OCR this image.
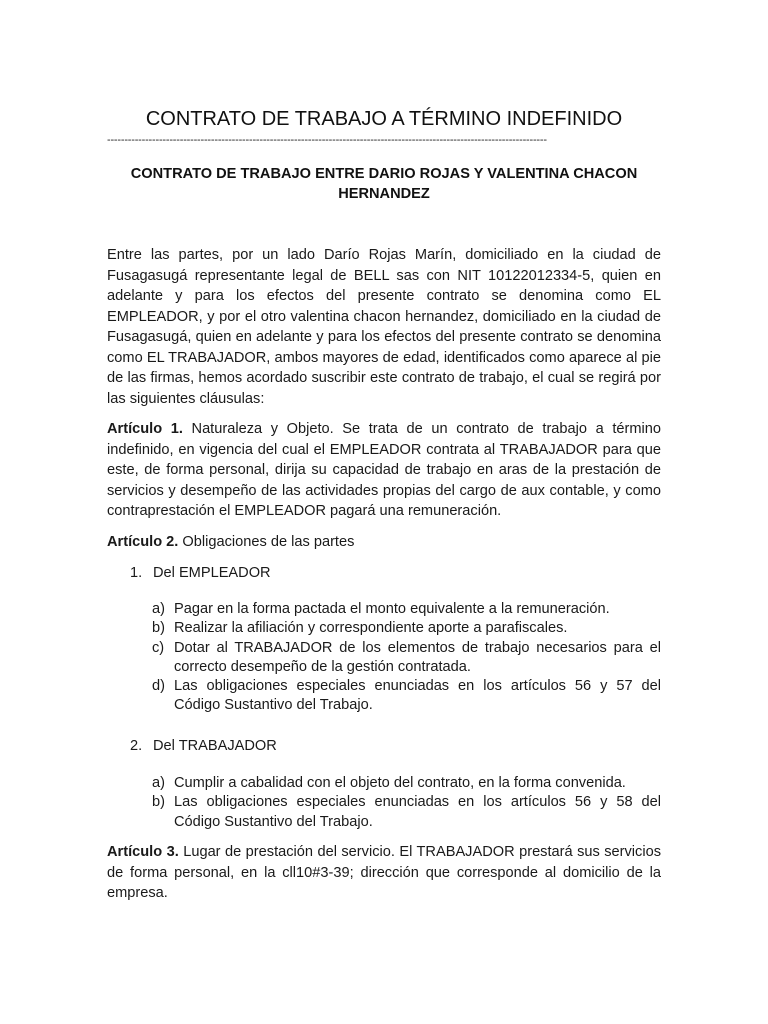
CONTRATO DE TRABAJO A TÉRMINO INDEFINIDO
-------------------------------------------------------------------------------------------------------------------------------
CONTRATO DE TRABAJO ENTRE DARIO ROJAS Y VALENTINA CHACON HERNANDEZ

Entre las partes, por un lado Darío Rojas Marín, domiciliado en la ciudad de Fusagasugá representante legal de BELL sas con NIT 10122012334-5, quien en adelante y para los efectos del presente contrato se denomina como EL EMPLEADOR, y por el otro valentina chacon hernandez, domiciliado en la ciudad de Fusagasugá, quien en adelante y para los efectos del presente contrato se denomina como EL TRABAJADOR, ambos mayores de edad, identificados como aparece al pie de las firmas, hemos acordado suscribir este contrato de trabajo, el cual se regirá por las siguientes cláusulas:

Artículo 1. Naturaleza y Objeto. Se trata de un contrato de trabajo a término indefinido, en vigencia del cual el EMPLEADOR contrata al TRABAJADOR para que este, de forma personal, dirija su capacidad de trabajo en aras de la prestación de servicios y desempeño de las actividades propias del cargo de aux contable, y como contraprestación el EMPLEADOR pagará una remuneración.

Artículo 2. Obligaciones de las partes

1. Del EMPLEADOR
a) Pagar en la forma pactada el monto equivalente a la remuneración.
b) Realizar la afiliación y correspondiente aporte a parafiscales.
c) Dotar al TRABAJADOR de los elementos de trabajo necesarios para el correcto desempeño de la gestión contratada.
d) Las obligaciones especiales enunciadas en los artículos 56 y 57 del Código Sustantivo del Trabajo.
2. Del TRABAJADOR
a) Cumplir a cabalidad con el objeto del contrato, en la forma convenida.
b) Las obligaciones especiales enunciadas en los artículos 56 y 58 del Código Sustantivo del Trabajo.

Artículo 3. Lugar de prestación del servicio. El TRABAJADOR prestará sus servicios de forma personal, en la cll10#3-39; dirección que corresponde al domicilio de la empresa.
